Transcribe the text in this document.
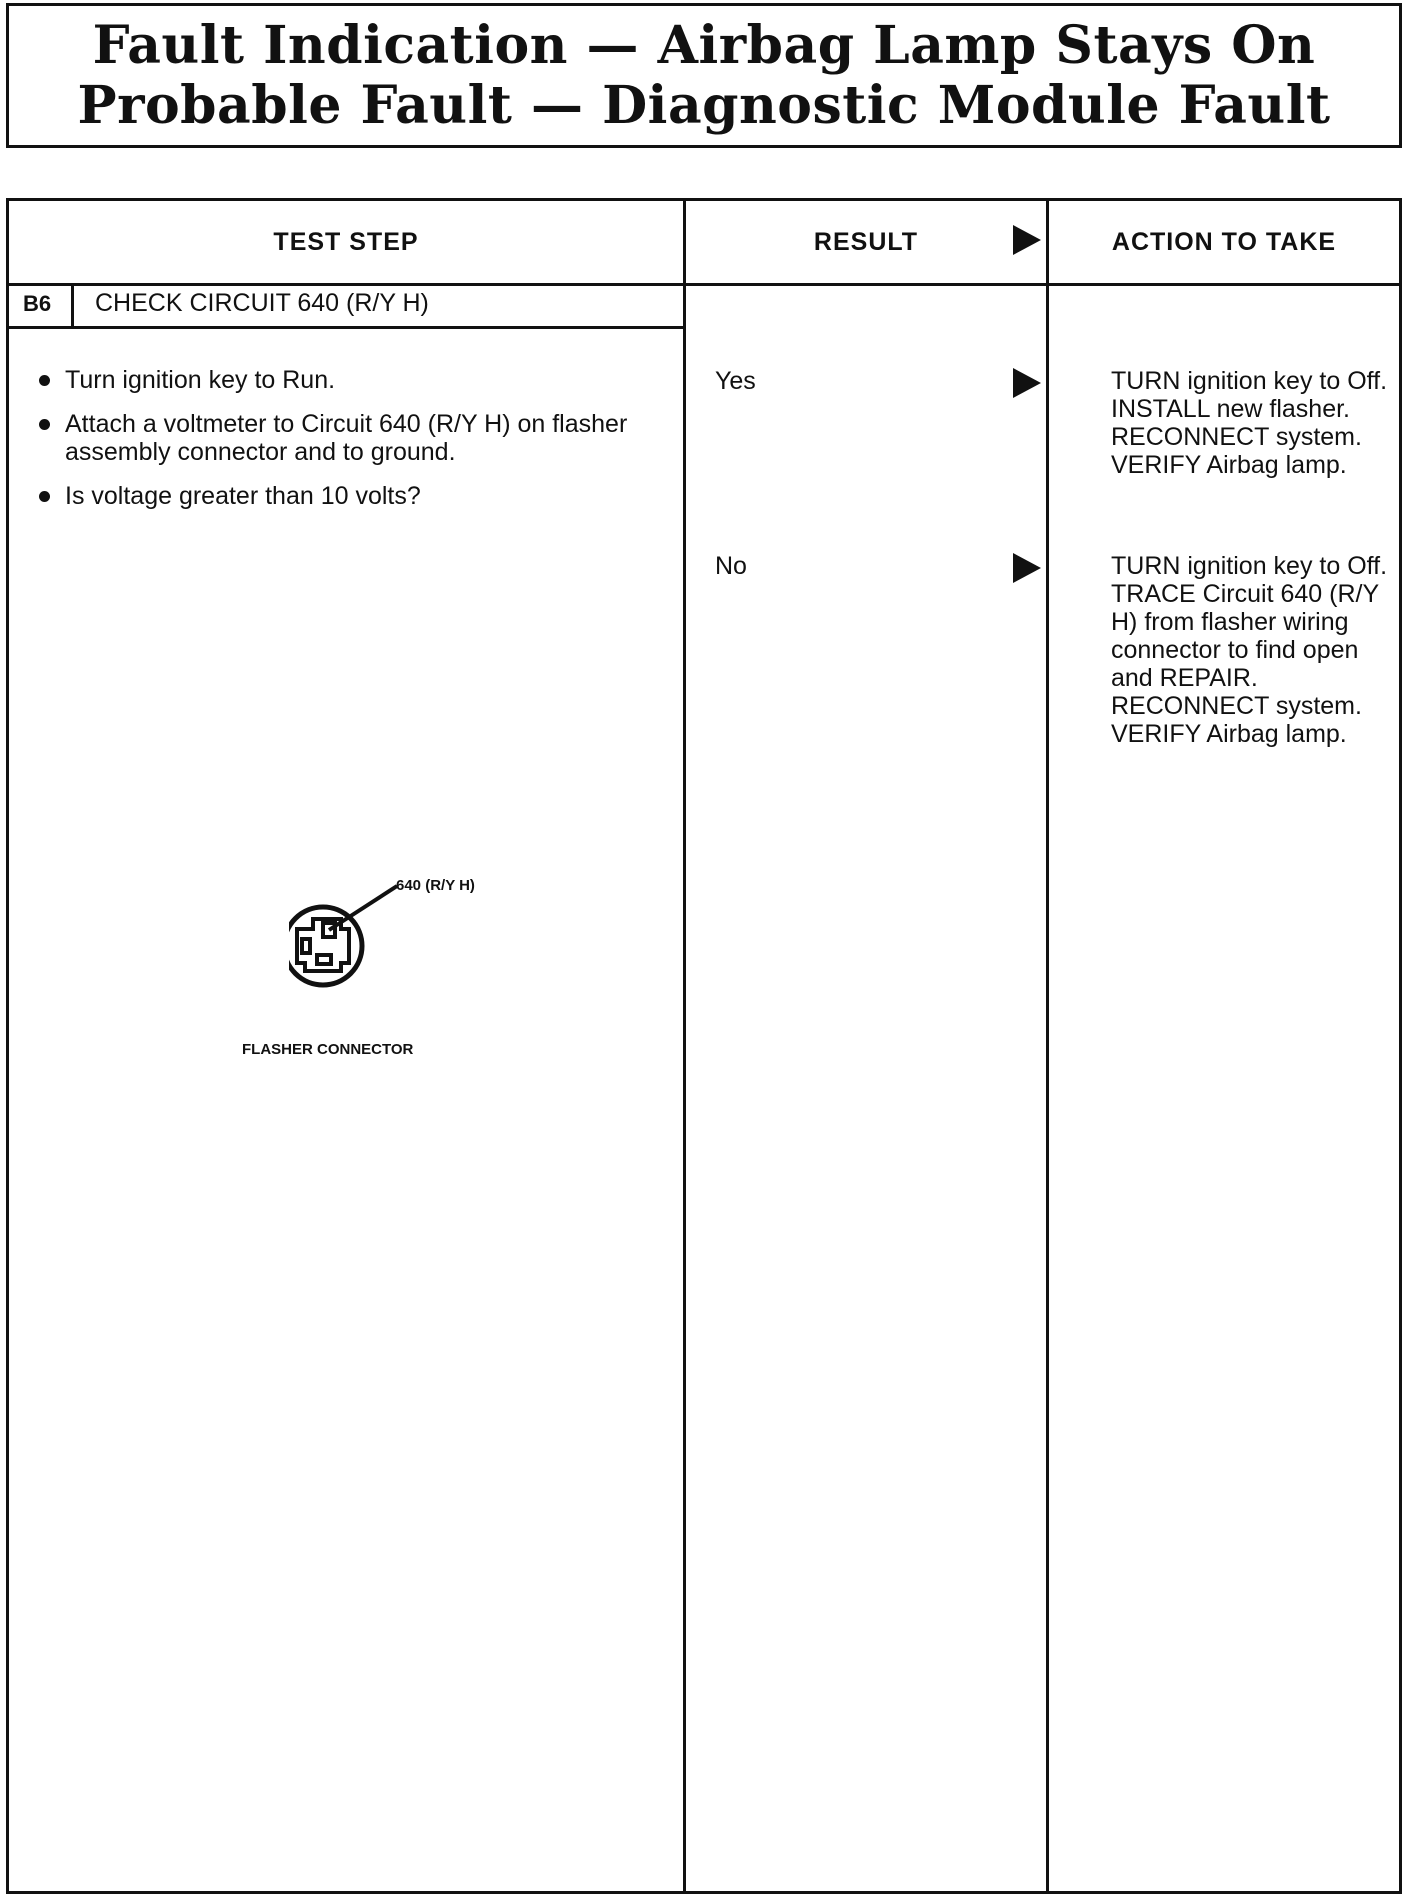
Fault Indication — Airbag Lamp Stays On
Probable Fault — Diagnostic Module Fault
TEST STEP	RESULT	ACTION TO TAKE
B6 CHECK CIRCUIT 640 (R/Y H)
Turn ignition key to Run.
Attach a voltmeter to Circuit 640 (R/Y H) on flasher assembly connector and to ground.
Is voltage greater than 10 volts?
Yes	TURN ignition key to Off. INSTALL new flasher. RECONNECT system. VERIFY Airbag lamp.
No	TURN ignition key to Off. TRACE Circuit 640 (R/Y H) from flasher wiring connector to find open and REPAIR. RECONNECT system. VERIFY Airbag lamp.
640 (R/Y H)
FLASHER CONNECTOR
